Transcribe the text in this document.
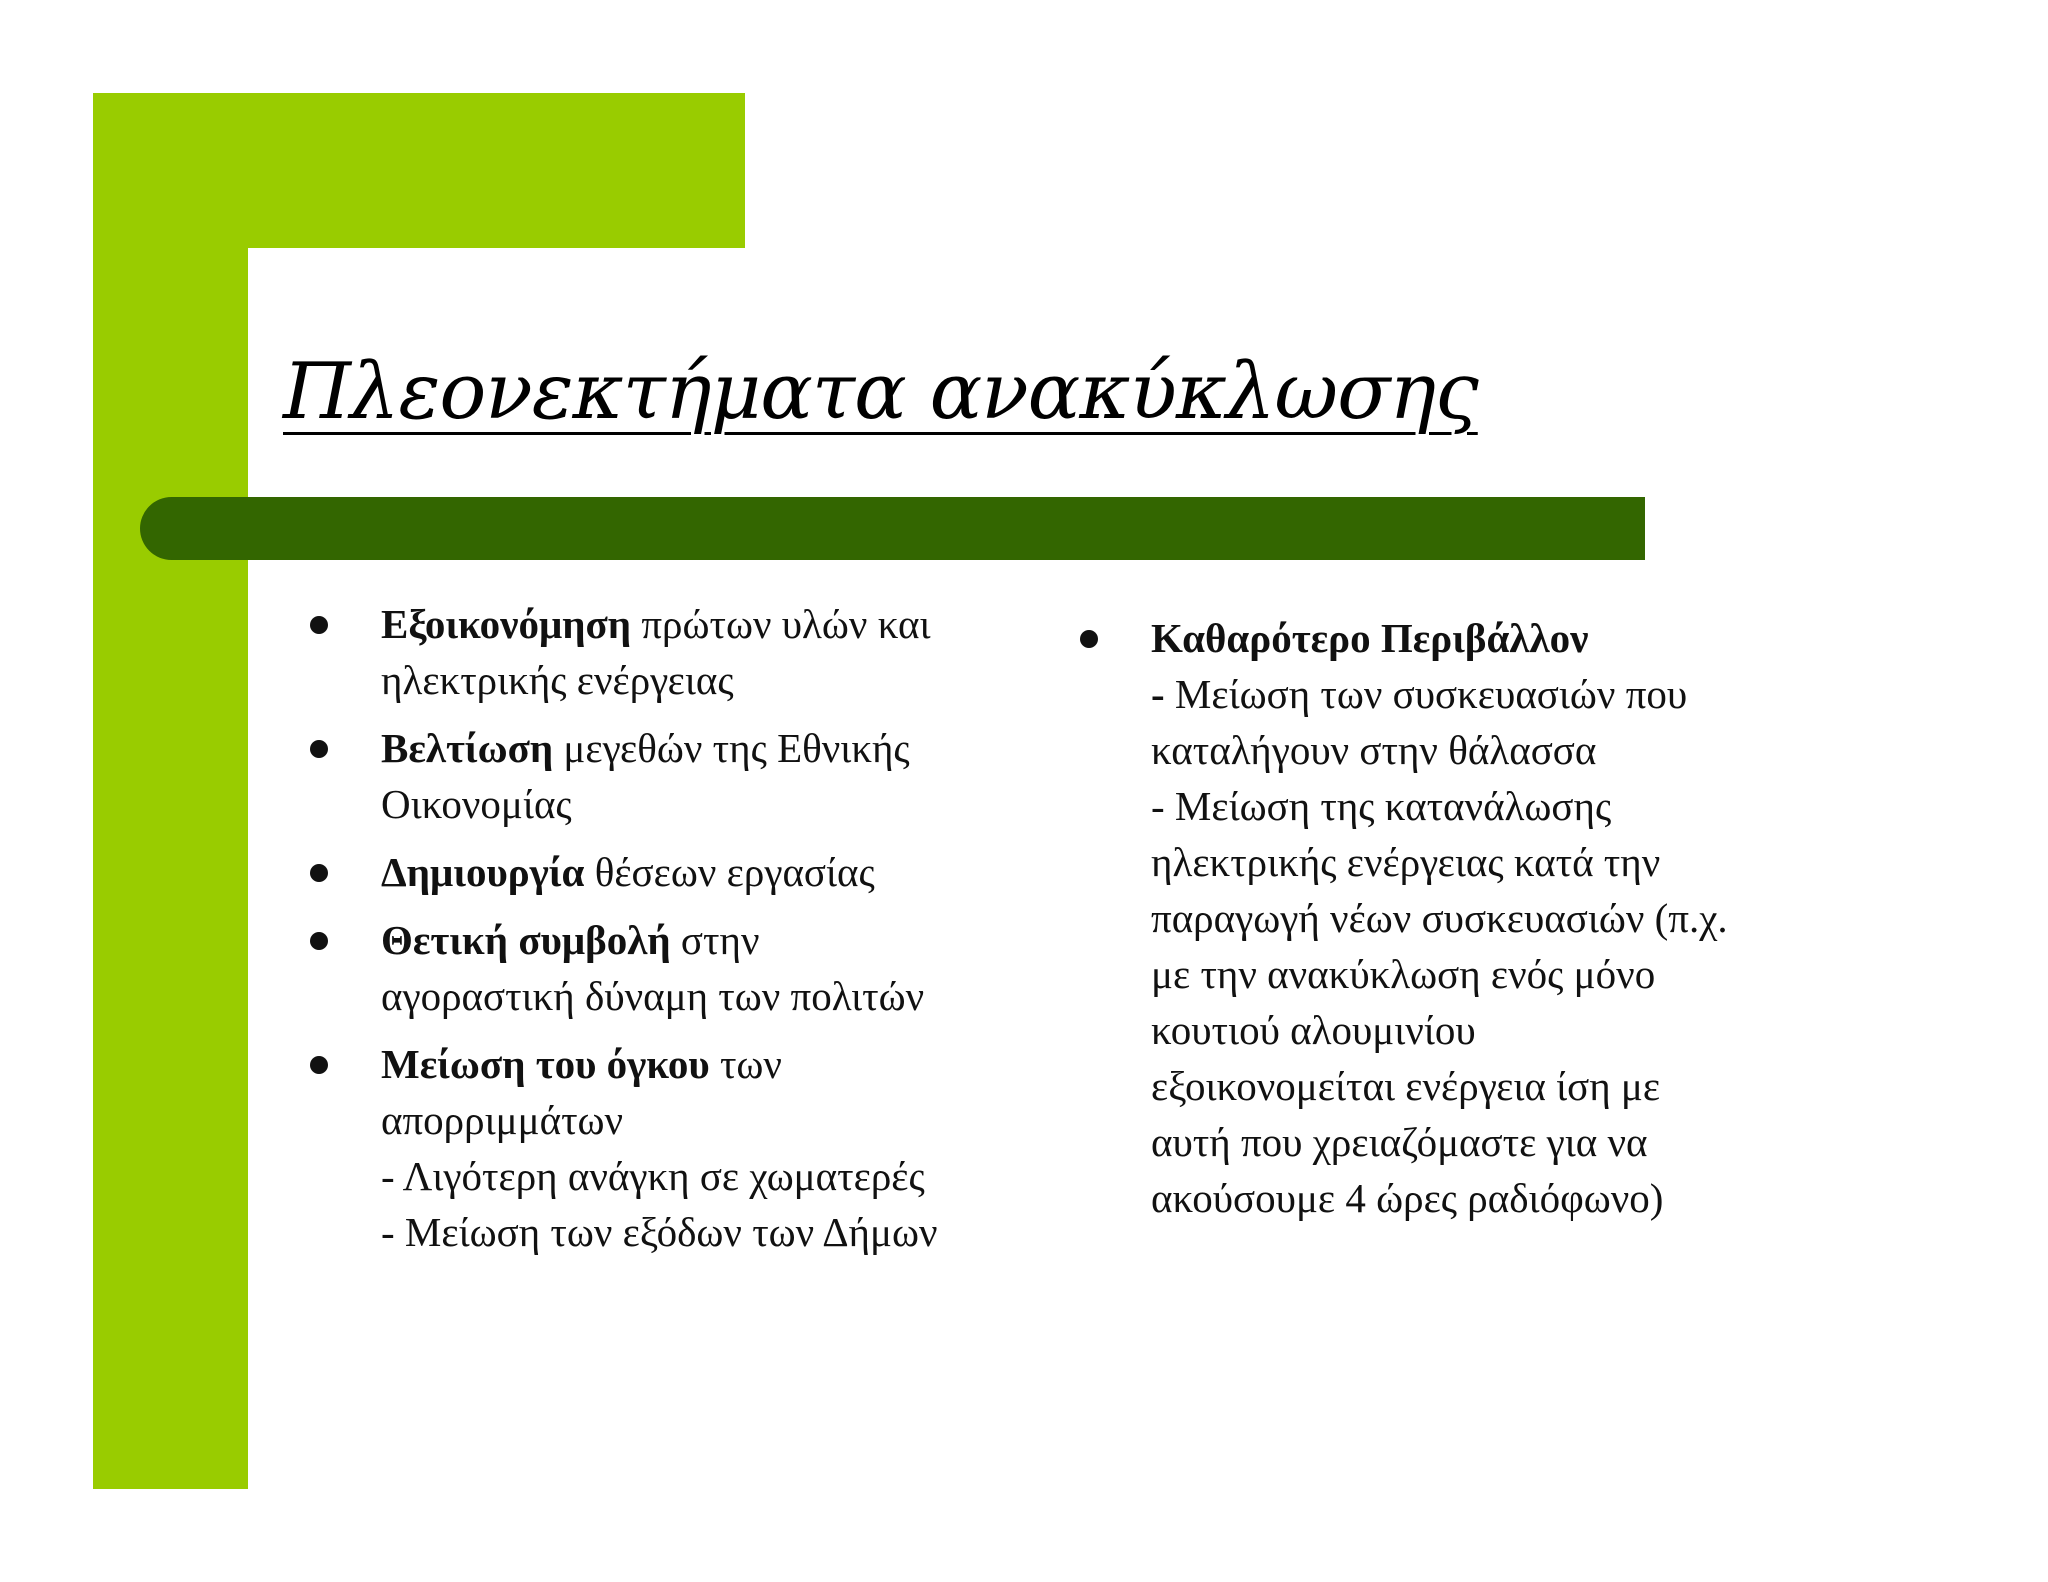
Πλεονεκτήματα ανακύκλωσης
Εξοικονόμηση πρώτων υλών και
ηλεκτρικής ενέργειας
Βελτίωση μεγεθών της Εθνικής
Οικονομίας
Δημιουργία θέσεων εργασίας
Θετική συμβολή στην
αγοραστική δύναμη των πολιτών
Μείωση του όγκου των
απορριμμάτων
- Λιγότερη ανάγκη σε χωματερές
- Μείωση των εξόδων των Δήμων
Καθαρότερο Περιβάλλον
- Μείωση των συσκευασιών που
καταλήγουν στην θάλασσα
- Μείωση της κατανάλωσης
ηλεκτρικής ενέργειας κατά την
παραγωγή νέων συσκευασιών (π.χ.
με την ανακύκλωση ενός μόνο
κουτιού αλουμινίου
εξοικονομείται ενέργεια ίση με
αυτή που χρειαζόμαστε για να
ακούσουμε 4 ώρες ραδιόφωνο)
